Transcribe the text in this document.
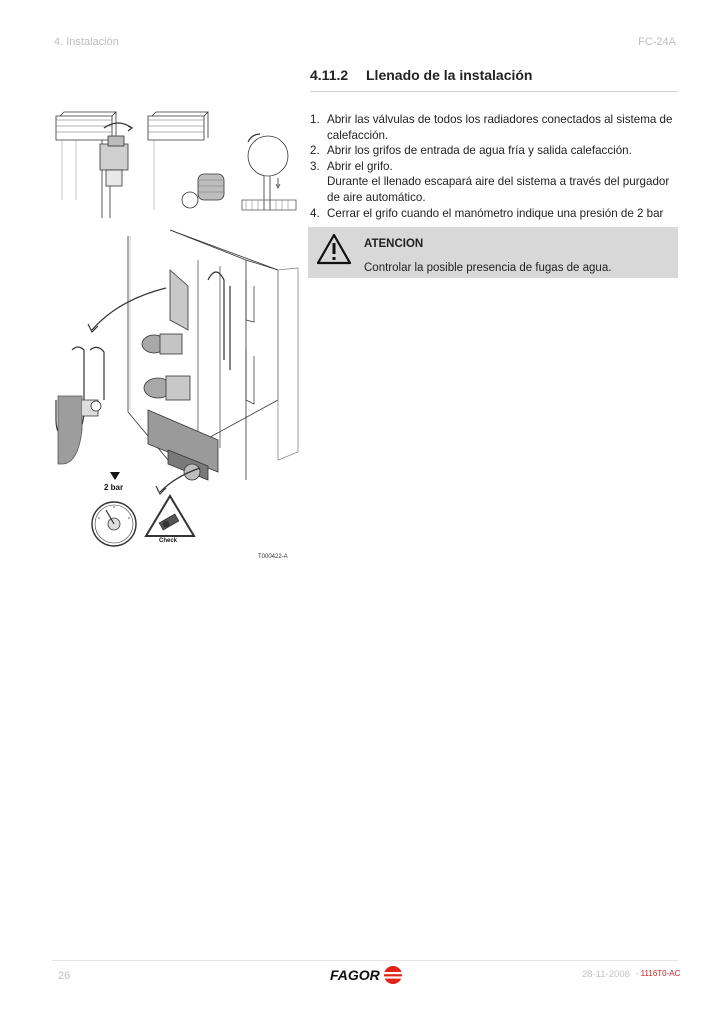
4. Instalación	FC-24A
4.11.2 Llenado de la instalación
1. Abrir las válvulas de todos los radiadores conectados al sistema de calefacción.
2. Abrir los grifos de entrada de agua fría y salida calefacción.
3. Abrir el grifo.
Durante el llenado escapará aire del sistema a través del purgador de aire automático.
4. Cerrar el grifo cuando el manómetro indique una presión de 2 bar
ATENCION
Controlar la posible presencia de fugas de agua.
2 bar
Check
T000422-A
26	FAGOR	28-11-2008 - 1116T0-AC
